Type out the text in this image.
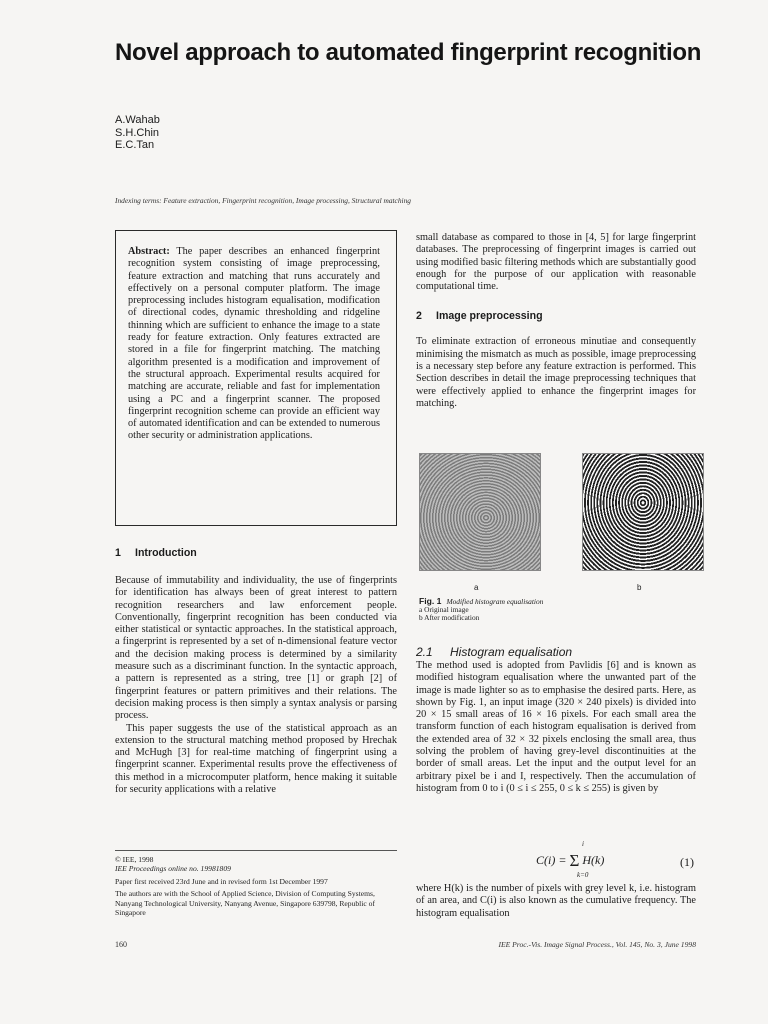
Novel approach to automated fingerprint recognition
A.Wahab
S.H.Chin
E.C.Tan
Indexing terms: Feature extraction, Fingerprint recognition, Image processing, Structural matching

Abstract: The paper describes an enhanced fingerprint recognition system consisting of image preprocessing, feature extraction and matching that runs accurately and effectively on a personal computer platform. The image preprocessing includes histogram equalisation, modification of directional codes, dynamic thresholding and ridgeline thinning which are sufficient to enhance the image to a state ready for feature extraction. Only features extracted are stored in a file for fingerprint matching. The matching algorithm presented is a modification and improvement of the structural approach. Experimental results acquired for matching are accurate, reliable and fast for implementation using a PC and a fingerprint scanner. The proposed fingerprint recognition scheme can provide an efficient way of automated identification and can be extended to numerous other security or administration applications.

1 Introduction

Because of immutability and individuality, the use of fingerprints for identification has always been of great interest to pattern recognition researchers and law enforcement people. Conventionally, fingerprint recognition has been conducted via either statistical or syntactic approaches. In the statistical approach, a fingerprint is represented by a set of n-dimensional feature vector and the decision making process is determined by a similarity measure such as a discriminant function. In the syntactic approach, a pattern is represented as a string, tree [1] or graph [2] of fingerprint features or pattern primitives and their relations. The decision making process is then simply a syntax analysis or parsing process.

This paper suggests the use of the statistical approach as an extension to the structural matching method proposed by Hrechak and McHugh [3] for real-time matching of fingerprint using a fingerprint scanner. Experimental results prove the effectiveness of this method in a microcomputer platform, hence making it suitable for security applications with a relative

© IEE, 1998

IEE Proceedings online no. 19981809

Paper first received 23rd June and in revised form 1st December 1997

The authors are with the School of Applied Science, Division of Computing Systems, Nanyang Technological University, Nanyang Avenue, Singapore 639798, Republic of Singapore

small database as compared to those in [4, 5] for large fingerprint databases. The preprocessing of fingerprint images is carried out using modified basic filtering methods which are substantially good enough for the purpose of our application with reasonable computational time.

2 Image preprocessing

To eliminate extraction of erroneous minutiae and consequently minimising the mismatch as much as possible, image preprocessing is a necessary step before any feature extraction is performed. This Section describes in detail the image preprocessing techniques that were effectively applied to enhance the fingerprint images for matching.

a	b
Fig. 1 Modified histogram equalisation
a Original image
b After modification

2.1 Histogram equalisation

The method used is adopted from Pavlidis [6] and is known as modified histogram equalisation where the unwanted part of the image is made lighter so as to emphasise the desired parts. Here, as shown by Fig. 1, an input image (320 × 240 pixels) is divided into 20 × 15 small areas of 16 × 16 pixels. For each small area the transform function of each histogram equalisation is derived from the extended area of 32 × 32 pixels enclosing the small area, thus solving the problem of having grey-level discontinuities at the border of small areas. Let the input and the output level for an arbitrary pixel be i and I, respectively. Then the accumulation of histogram from 0 to i (0 ≤ i ≤ 255, 0 ≤ k ≤ 255) is given by

C(i) = Σ
i
k=0
H(k)	(1)

where H(k) is the number of pixels with grey level k, i.e. histogram of an area, and C(i) is also known as the cumulative frequency. The histogram equalisation

160	IEE Proc.-Vis. Image Signal Process., Vol. 145, No. 3, June 1998
